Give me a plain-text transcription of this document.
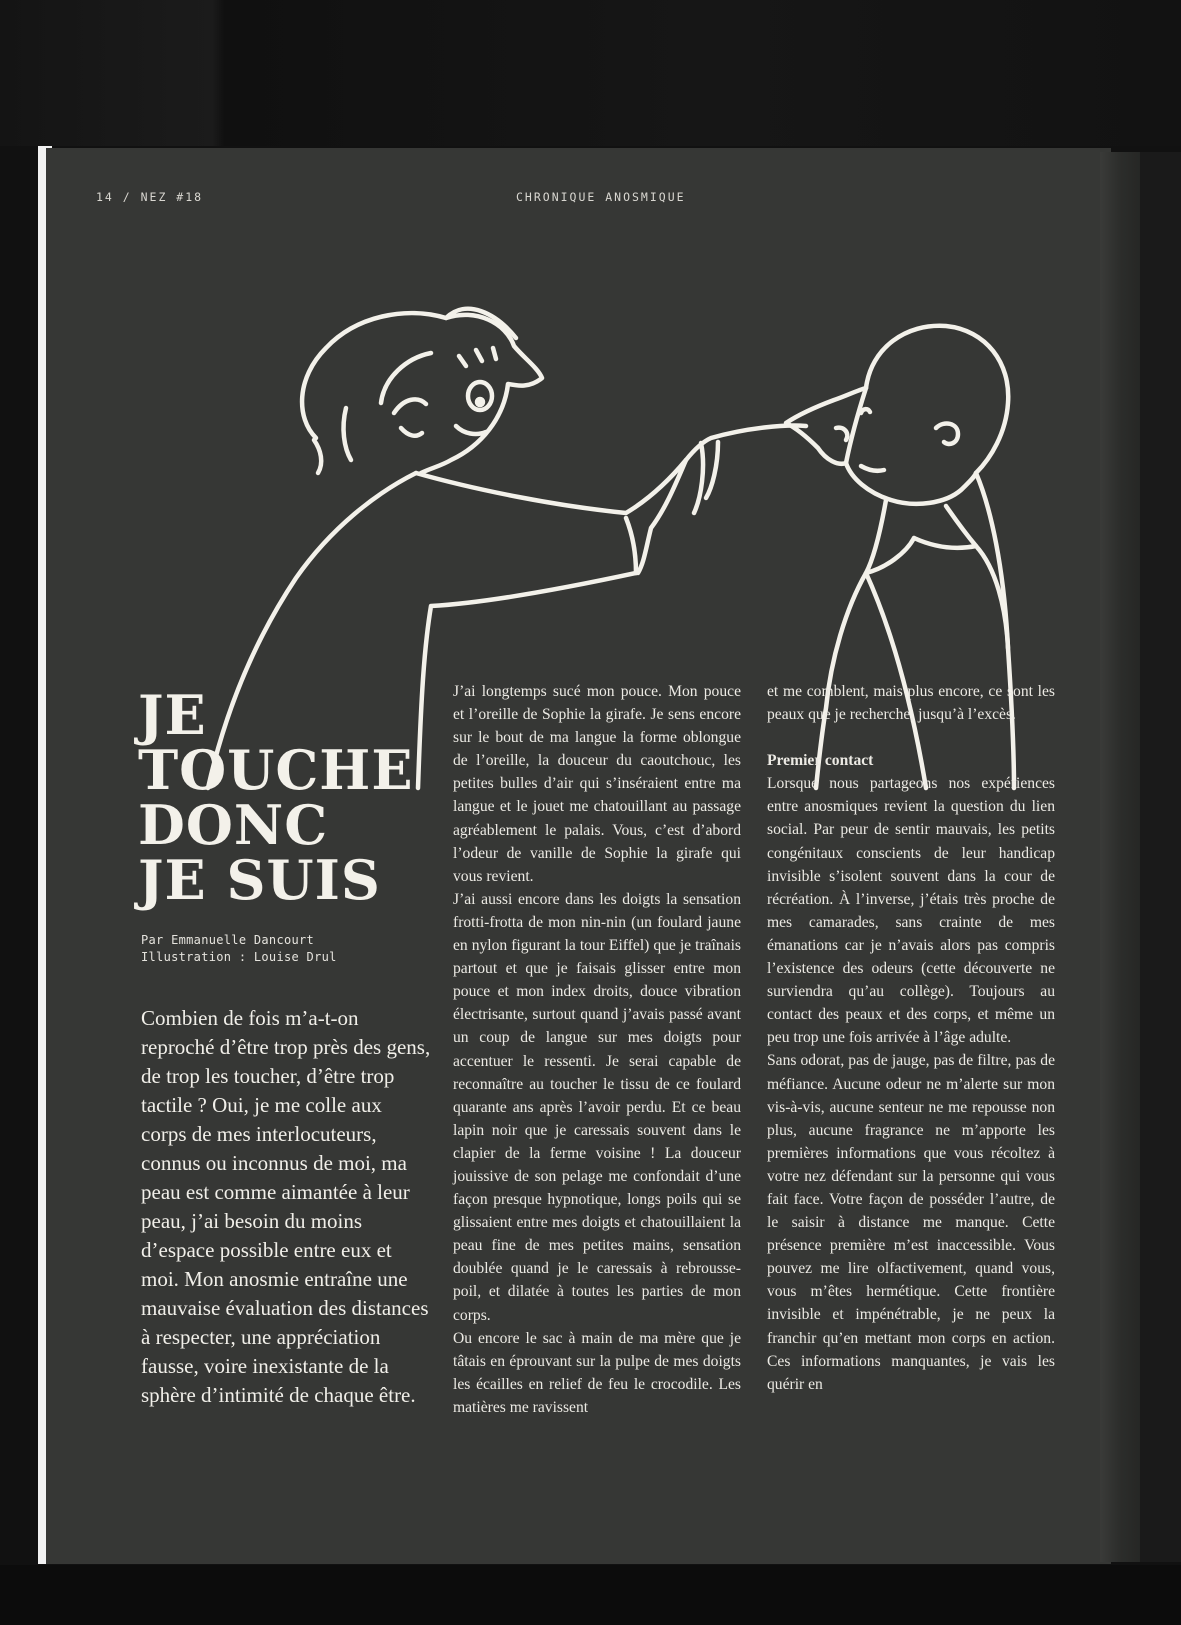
14 / NEZ #18	CHRONIQUE ANOSMIQUE
JE
TOUCHE
DONC
JE SUIS
Par Emmanuelle Dancourt
Illustration : Louise Drul

Combien de fois m’a-t-on reproché d’être trop près des gens, de trop les toucher, d’être trop tactile ? Oui, je me colle aux corps de mes interlocuteurs, connus ou inconnus de moi, ma peau est comme aimantée à leur peau, j’ai besoin du moins d’espace possible entre eux et moi. Mon anosmie entraîne une mauvaise évaluation des distances à respecter, une appréciation fausse, voire inexistante de la sphère d’intimité de chaque être.

J’ai longtemps sucé mon pouce. Mon pouce et l’oreille de Sophie la girafe. Je sens encore sur le bout de ma langue la forme oblongue de l’oreille, la douceur du caoutchouc, les petites bulles d’air qui s’inséraient entre ma langue et le jouet me chatouillant au passage agréablement le palais. Vous, c’est d’abord l’odeur de vanille de Sophie la girafe qui vous revient.

J’ai aussi encore dans les doigts la sensation frotti-frotta de mon nin-nin (un foulard jaune en nylon figurant la tour Eiffel) que je traînais partout et que je faisais glisser entre mon pouce et mon index droits, douce vibration électrisante, surtout quand j’avais passé avant un coup de langue sur mes doigts pour accentuer le ressenti. Je serai capable de reconnaître au toucher le tissu de ce foulard quarante ans après l’avoir perdu. Et ce beau lapin noir que je caressais souvent dans le clapier de la ferme voisine ! La douceur jouissive de son pelage me confondait d’une façon presque hypnotique, longs poils qui se glissaient entre mes doigts et chatouillaient la peau fine de mes petites mains, sensation doublée quand je le caressais à rebrousse-poil, et dilatée à toutes les parties de mon corps.

Ou encore le sac à main de ma mère que je tâtais en éprouvant sur la pulpe de mes doigts les écailles en relief de feu le crocodile. Les matières me ravissent

et me comblent, mais plus encore, ce sont les peaux que je recherche, jusqu’à l’excès.

Premier contact

Lorsque nous partageons nos expériences entre anosmiques revient la question du lien social. Par peur de sentir mauvais, les petits congénitaux conscients de leur handicap invisible s’isolent souvent dans la cour de récréation. À l’inverse, j’étais très proche de mes camarades, sans crainte de mes émanations car je n’avais alors pas compris l’existence des odeurs (cette découverte ne surviendra qu’au collège). Toujours au contact des peaux et des corps, et même un peu trop une fois arrivée à l’âge adulte.

Sans odorat, pas de jauge, pas de filtre, pas de méfiance. Aucune odeur ne m’alerte sur mon vis-à-vis, aucune senteur ne me repousse non plus, aucune fragrance ne m’apporte les premières informations que vous récoltez à votre nez défendant sur la personne qui vous fait face. Votre façon de posséder l’autre, de le saisir à distance me manque. Cette présence première m’est inaccessible. Vous pouvez me lire olfactivement, quand vous, vous m’êtes hermétique. Cette frontière invisible et impénétrable, je ne peux la franchir qu’en mettant mon corps en action. Ces informations manquantes, je vais les quérir en
